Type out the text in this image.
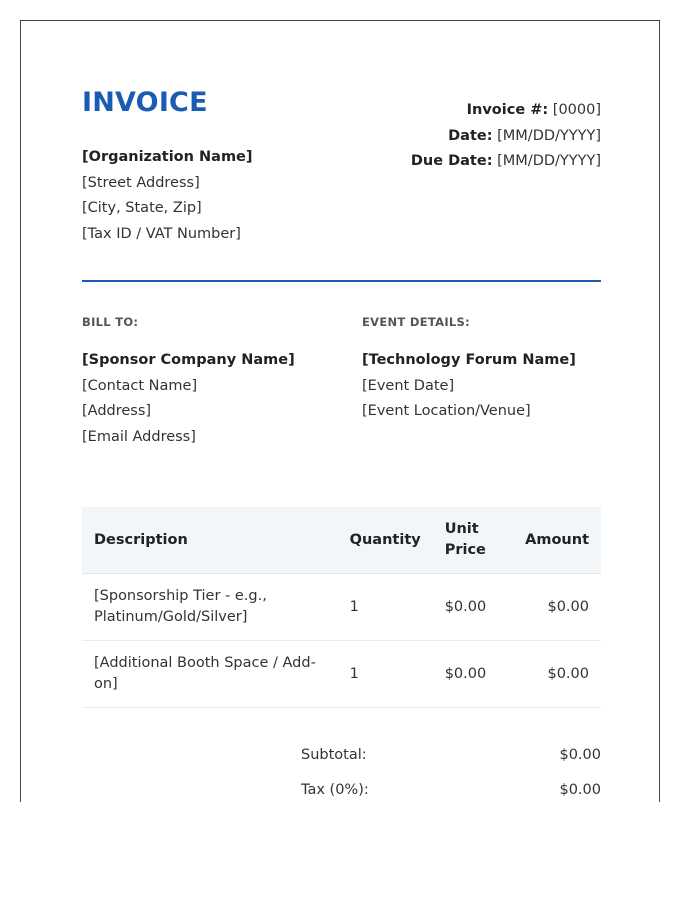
INVOICE
[Organization Name]
[Street Address]
[City, State, Zip]
[Tax ID / VAT Number]
Invoice #: [0000]
Date: [MM/DD/YYYY]
Due Date: [MM/DD/YYYY]
BILL TO:
[Sponsor Company Name]
[Contact Name]
[Address]
[Email Address]
EVENT DETAILS:
[Technology Forum Name]
[Event Date]
[Event Location/Venue]
Description	Quantity	Unit Price	Amount
[Sponsorship Tier - e.g., Platinum/Gold/Silver]	1	$0.00	$0.00
[Additional Booth Space / Add-on]	1	$0.00	$0.00
Subtotal:	$0.00
Tax (0%):	$0.00
